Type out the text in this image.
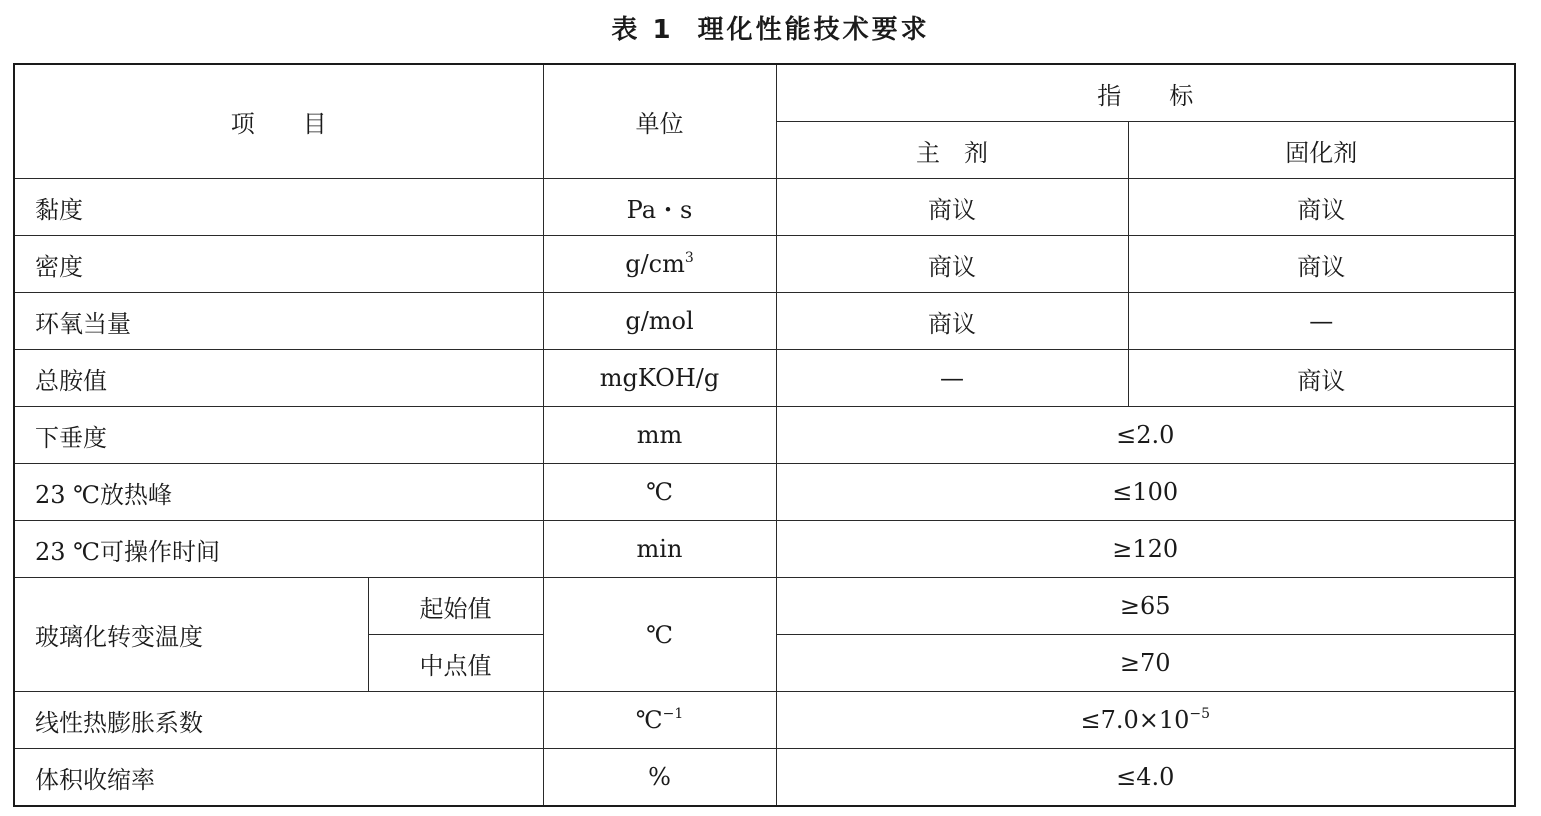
表 1 理化性能技术要求
项　　目		单位	指　　标	
			主　剂	固化剂
黏度		Pa・s	商议	商议
密度		$g/cm^3$	商议	商议
环氧当量		g/mol	商议	—
总胺值		mgKOH/g	—	商议
下垂度		mm	≤2.0	
23 ℃放热峰		℃	≤100	
23 ℃可操作时间		min	≥120	
玻璃化转变温度	起始值	℃	≥65	
	中点值		≥70	
线性热膨胀系数		℃$^{-1}$	$\le 7.0\times 10^{-5}$
体积收缩率		%	≤4.0	
